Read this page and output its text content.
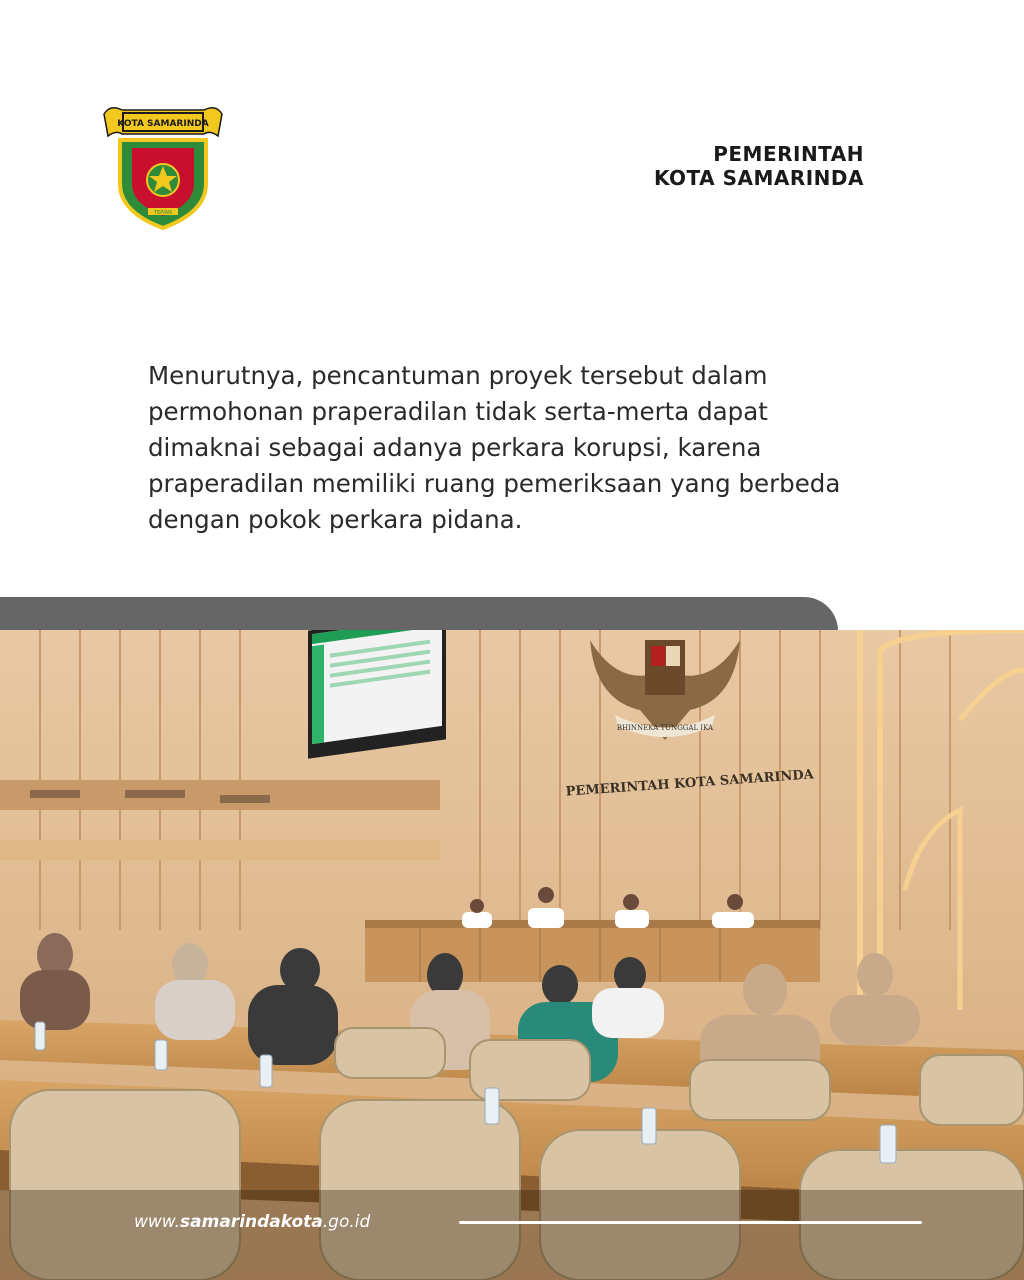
TEPIAN
KOTA SAMARINDA
PEMERINTAH
KOTA SAMARINDA

Menurutnya, pencantuman proyek tersebut dalam permohonan praperadilan tidak serta-merta dapat dimaknai sebagai adanya perkara korupsi, karena praperadilan memiliki ruang pemeriksaan yang berbeda dengan pokok perkara pidana.

BHINNEKA TUNGGAL IKA
PEMERINTAH KOTA SAMARINDA
www.samarindakota.go.id
